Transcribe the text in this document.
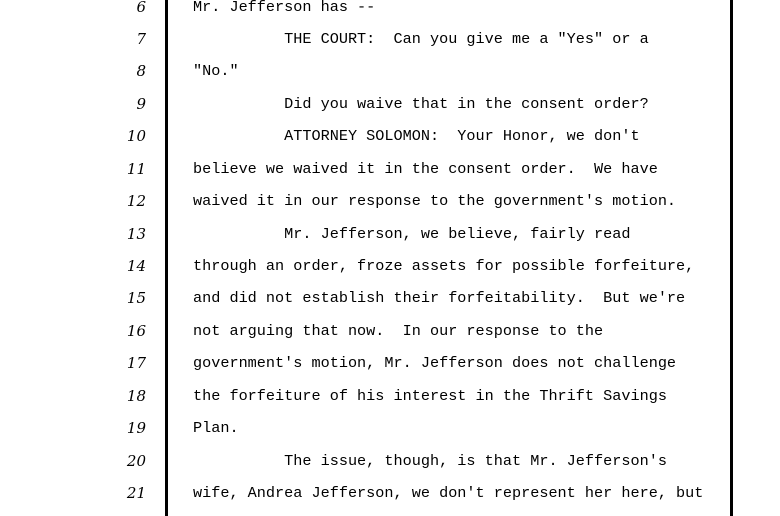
6	Mr. Jefferson has --
7	THE COURT:  Can you give me a "Yes" or a
8	"No."
9	Did you waive that in the consent order?
10	ATTORNEY SOLOMON:  Your Honor, we don't
11	believe we waived it in the consent order.  We have
12	waived it in our response to the government's motion.
13	Mr. Jefferson, we believe, fairly read
14	through an order, froze assets for possible forfeiture,
15	and did not establish their forfeitability.  But we're
16	not arguing that now.  In our response to the
17	government's motion, Mr. Jefferson does not challenge
18	the forfeiture of his interest in the Thrift Savings
19	Plan.
20	The issue, though, is that Mr. Jefferson's
21	wife, Andrea Jefferson, we don't represent her here, but
